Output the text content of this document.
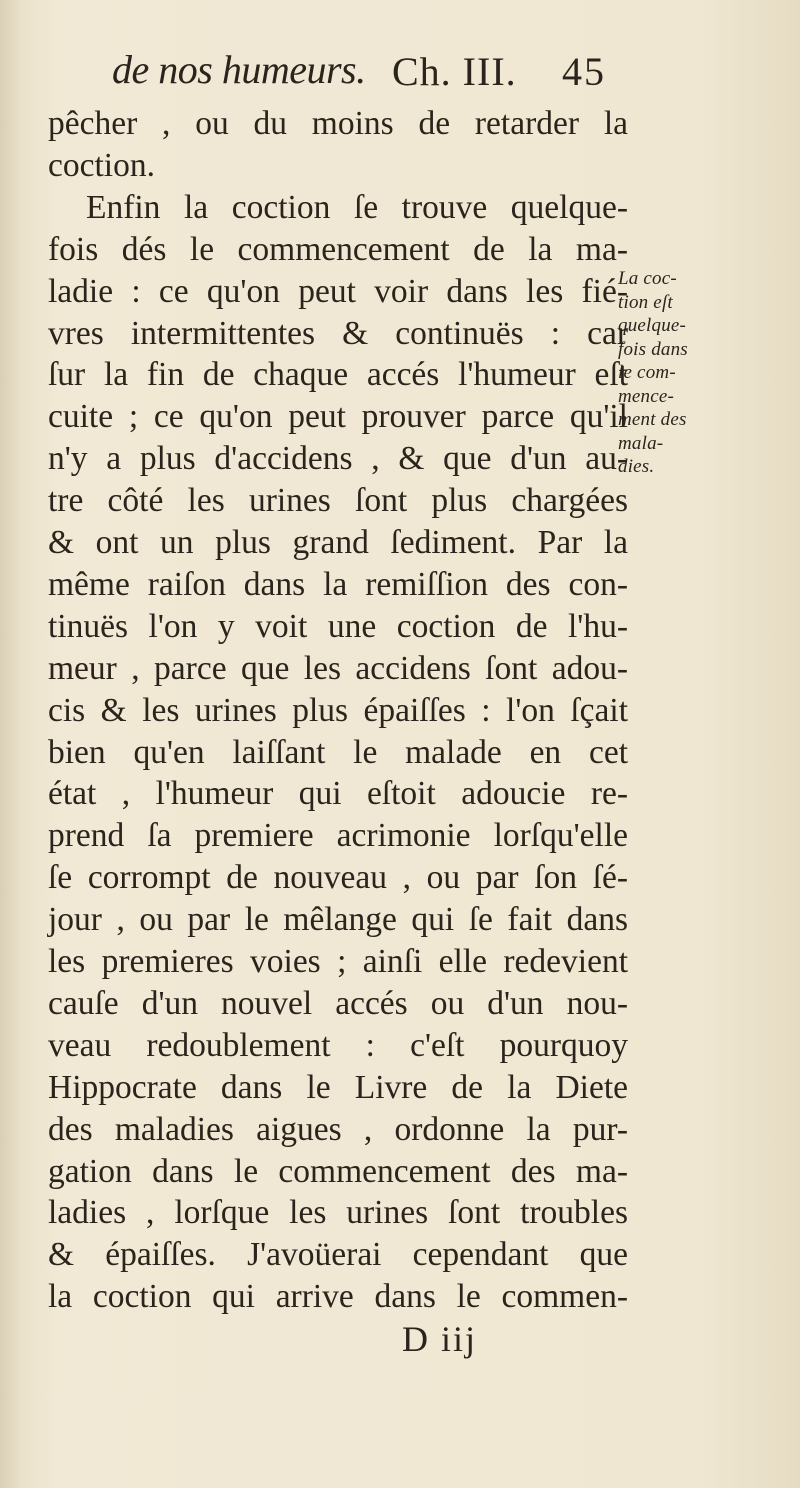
de nos humeurs. Ch. III. 45
pêcher , ou du moins de retarder la
coction.
Enfin la coction ſe trouve quelque-
fois dés le commencement de la ma-
ladie : ce qu'on peut voir dans les fié-
vres intermittentes & continuës : car
ſur la fin de chaque accés l'humeur eſt
cuite ; ce qu'on peut prouver parce qu'il
n'y a plus d'accidens , & que d'un au-
tre côté les urines ſont plus chargées
& ont un plus grand ſediment. Par la
même raiſon dans la remiſſion des con-
tinuës l'on y voit une coction de l'hu-
meur , parce que les accidens ſont adou-
cis & les urines plus épaiſſes : l'on ſçait
bien qu'en laiſſant le malade en cet
état , l'humeur qui eſtoit adoucie re-
prend ſa premiere acrimonie lorſqu'elle
ſe corrompt de nouveau , ou par ſon ſé-
jour , ou par le mêlange qui ſe fait dans
les premieres voies ; ainſi elle redevient
cauſe d'un nouvel accés ou d'un nou-
veau redoublement : c'eſt pourquoy
Hippocrate dans le Livre de la Diete
des maladies aigues , ordonne la pur-
gation dans le commencement des ma-
ladies , lorſque les urines ſont troubles
& épaiſſes. J'avoüerai cependant que
la coction qui arrive dans le commen-
La coc-
tion eſt
quelque-
fois dans
le com-
mence-
ment des
mala-
dies.
D iij
